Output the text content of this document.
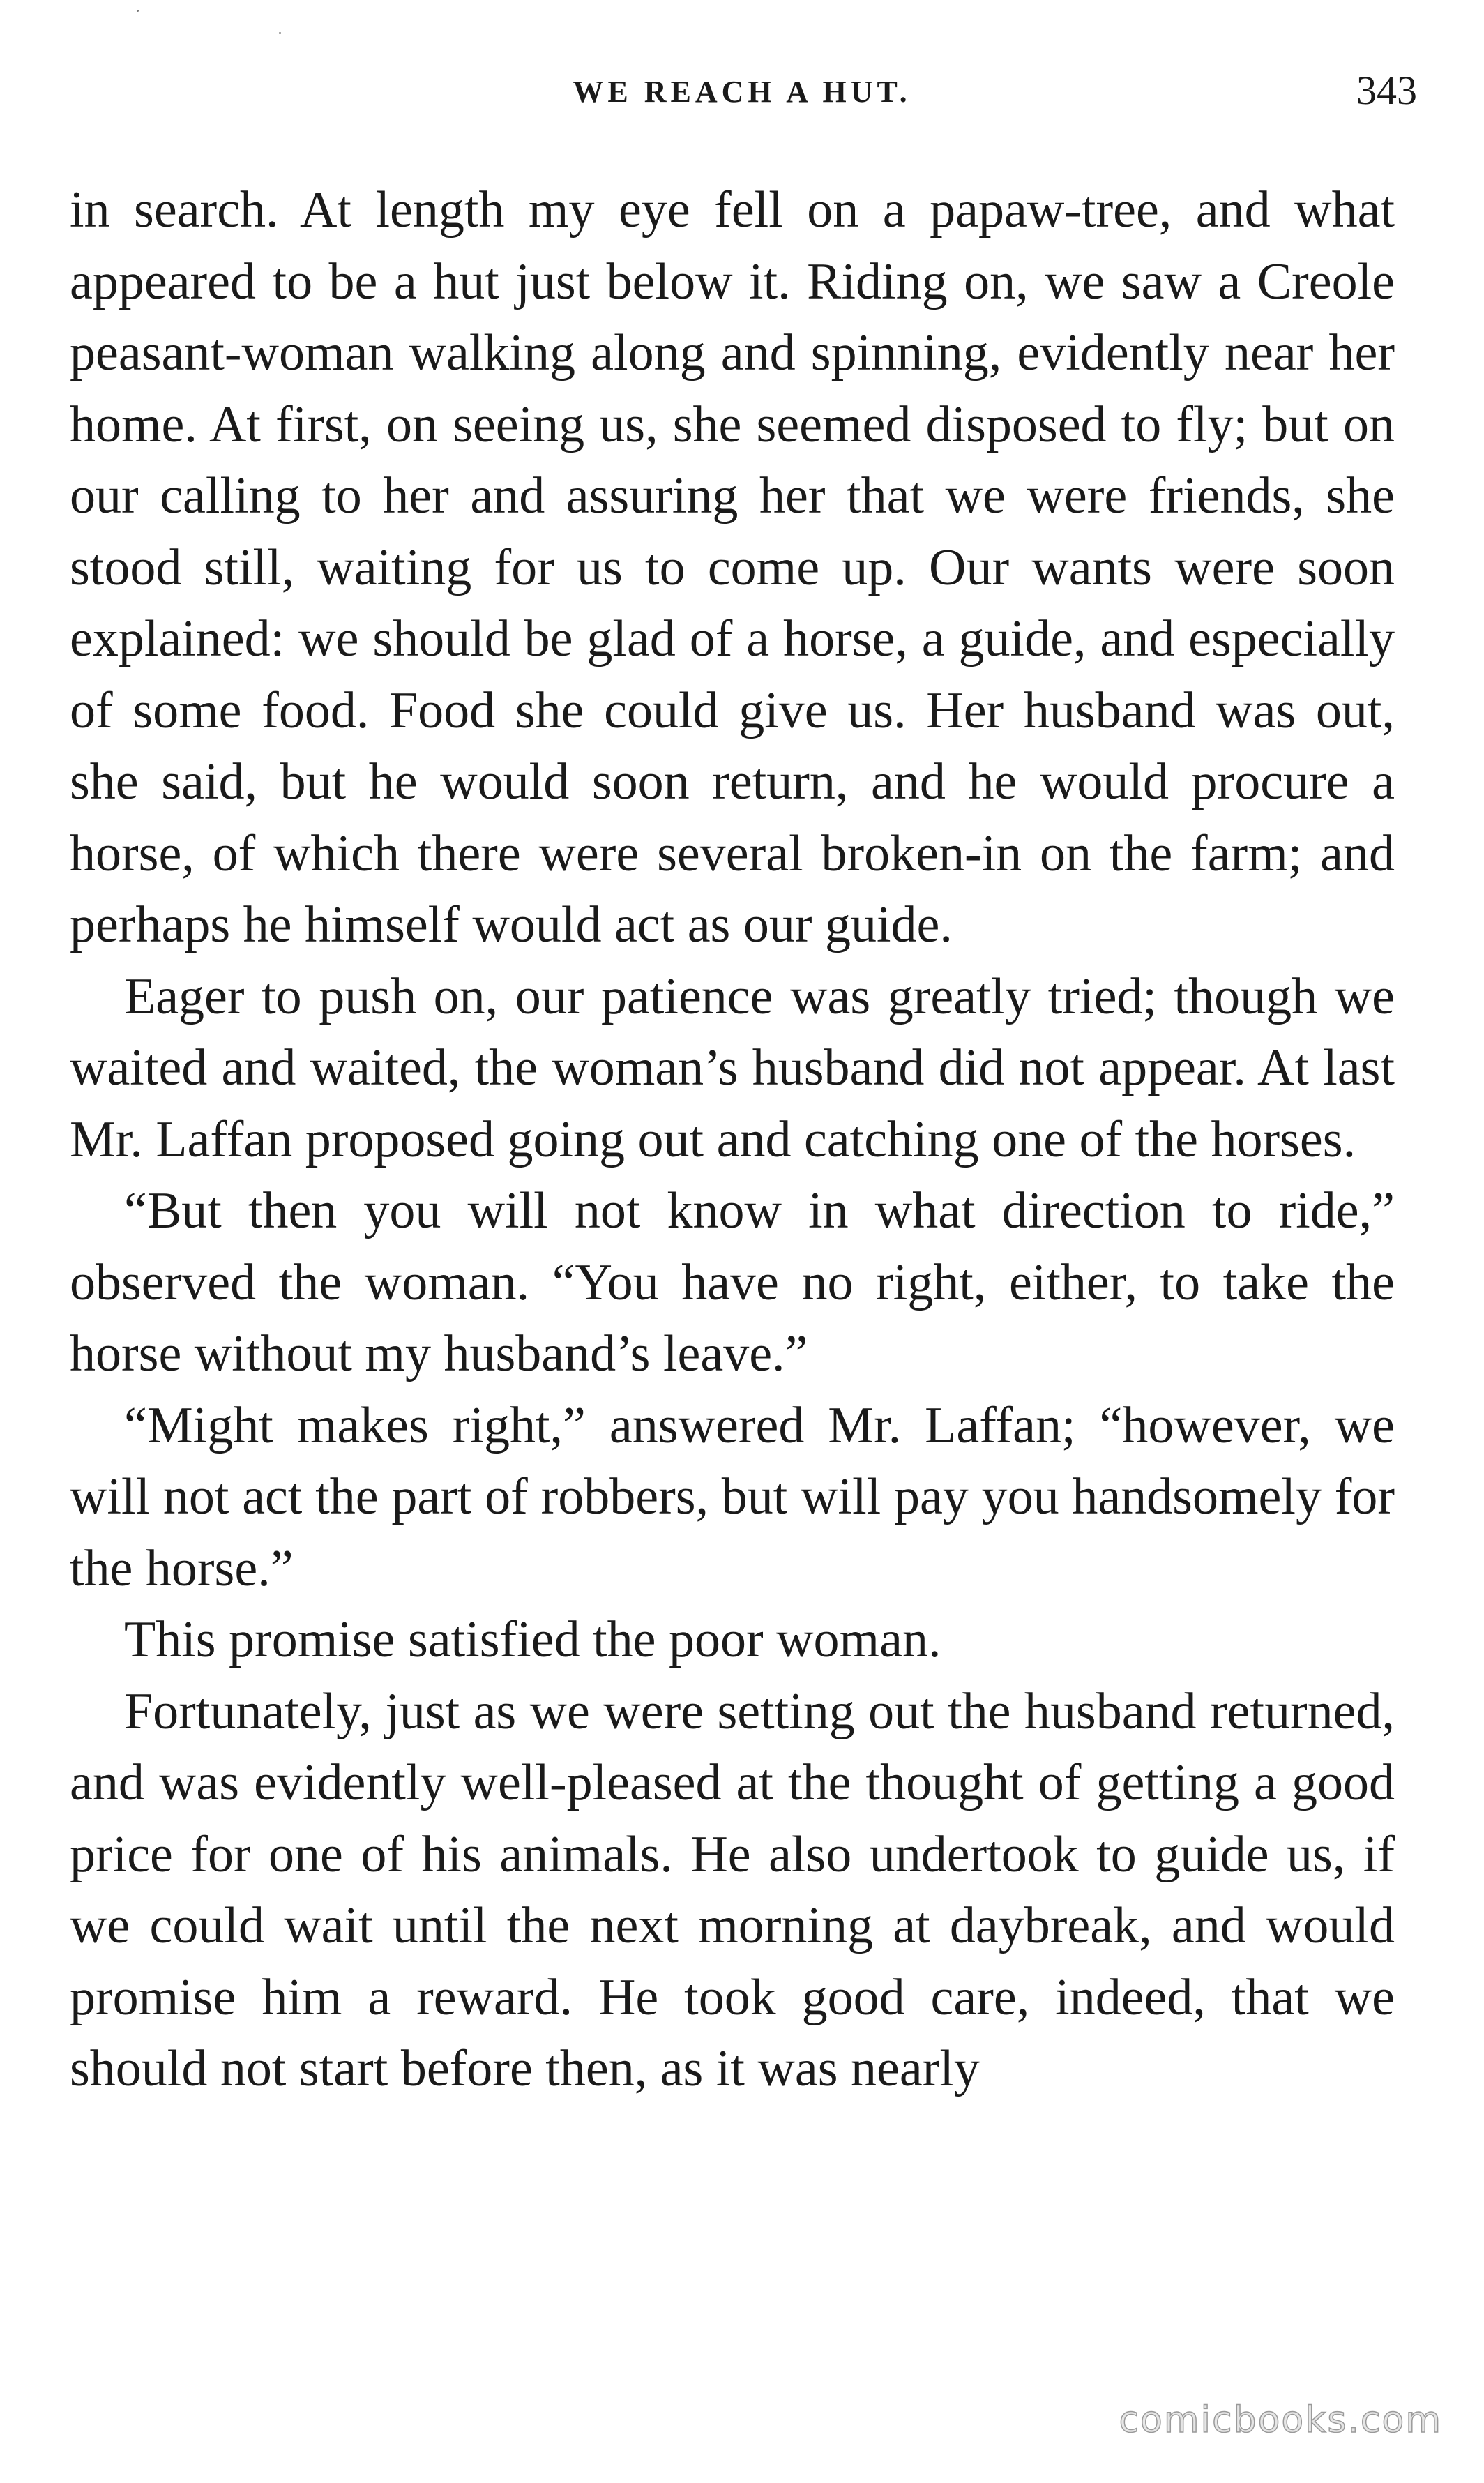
WE REACH A HUT.	343

in search. At length my eye fell on a papaw-tree, and what appeared to be a hut just below it. Riding on, we saw a Creole peasant-woman walking along and spinning, evidently near her home. At first, on seeing us, she seemed disposed to fly; but on our calling to her and assuring her that we were friends, she stood still, waiting for us to come up. Our wants were soon explained: we should be glad of a horse, a guide, and especially of some food. Food she could give us. Her husband was out, she said, but he would soon return, and he would procure a horse, of which there were several broken-in on the farm; and perhaps he himself would act as our guide.

Eager to push on, our patience was greatly tried; though we waited and waited, the woman’s husband did not appear. At last Mr. Laffan proposed going out and catching one of the horses.

“But then you will not know in what direction to ride,” observed the woman. “You have no right, either, to take the horse without my husband’s leave.”

“Might makes right,” answered Mr. Laffan; “however, we will not act the part of robbers, but will pay you handsomely for the horse.”

This promise satisfied the poor woman.

Fortunately, just as we were setting out the husband returned, and was evidently well-pleased at the thought of getting a good price for one of his animals. He also undertook to guide us, if we could wait until the next morning at daybreak, and would promise him a reward. He took good care, indeed, that we should not start before then, as it was nearly

comicbooks.com
